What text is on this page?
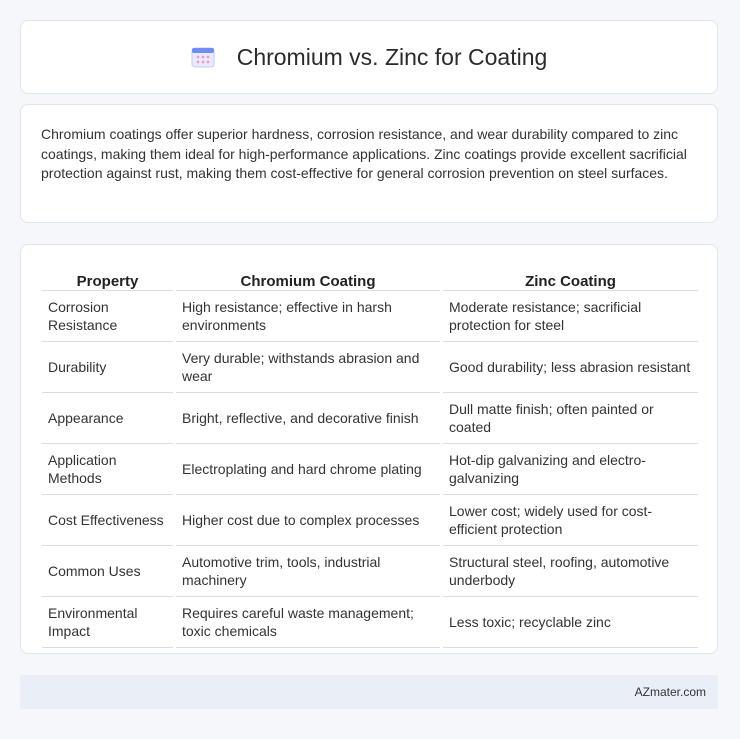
Chromium vs. Zinc for Coating

Chromium coatings offer superior hardness, corrosion resistance, and wear durability compared to zinc coatings, making them ideal for high-performance applications. Zinc coatings provide excellent sacrificial protection against rust, making them cost-effective for general corrosion prevention on steel surfaces.

Property	Chromium Coating	Zinc Coating
Corrosion Resistance	High resistance; effective in harsh environments	Moderate resistance; sacrificial protection for steel
Durability	Very durable; withstands abrasion and wear	Good durability; less abrasion resistant
Appearance	Bright, reflective, and decorative finish	Dull matte finish; often painted or coated
Application Methods	Electroplating and hard chrome plating	Hot-dip galvanizing and electro-galvanizing
Cost Effectiveness	Higher cost due to complex processes	Lower cost; widely used for cost-efficient protection
Common Uses	Automotive trim, tools, industrial machinery	Structural steel, roofing, automotive underbody
Environmental Impact	Requires careful waste management; toxic chemicals	Less toxic; recyclable zinc
AZmater.com
